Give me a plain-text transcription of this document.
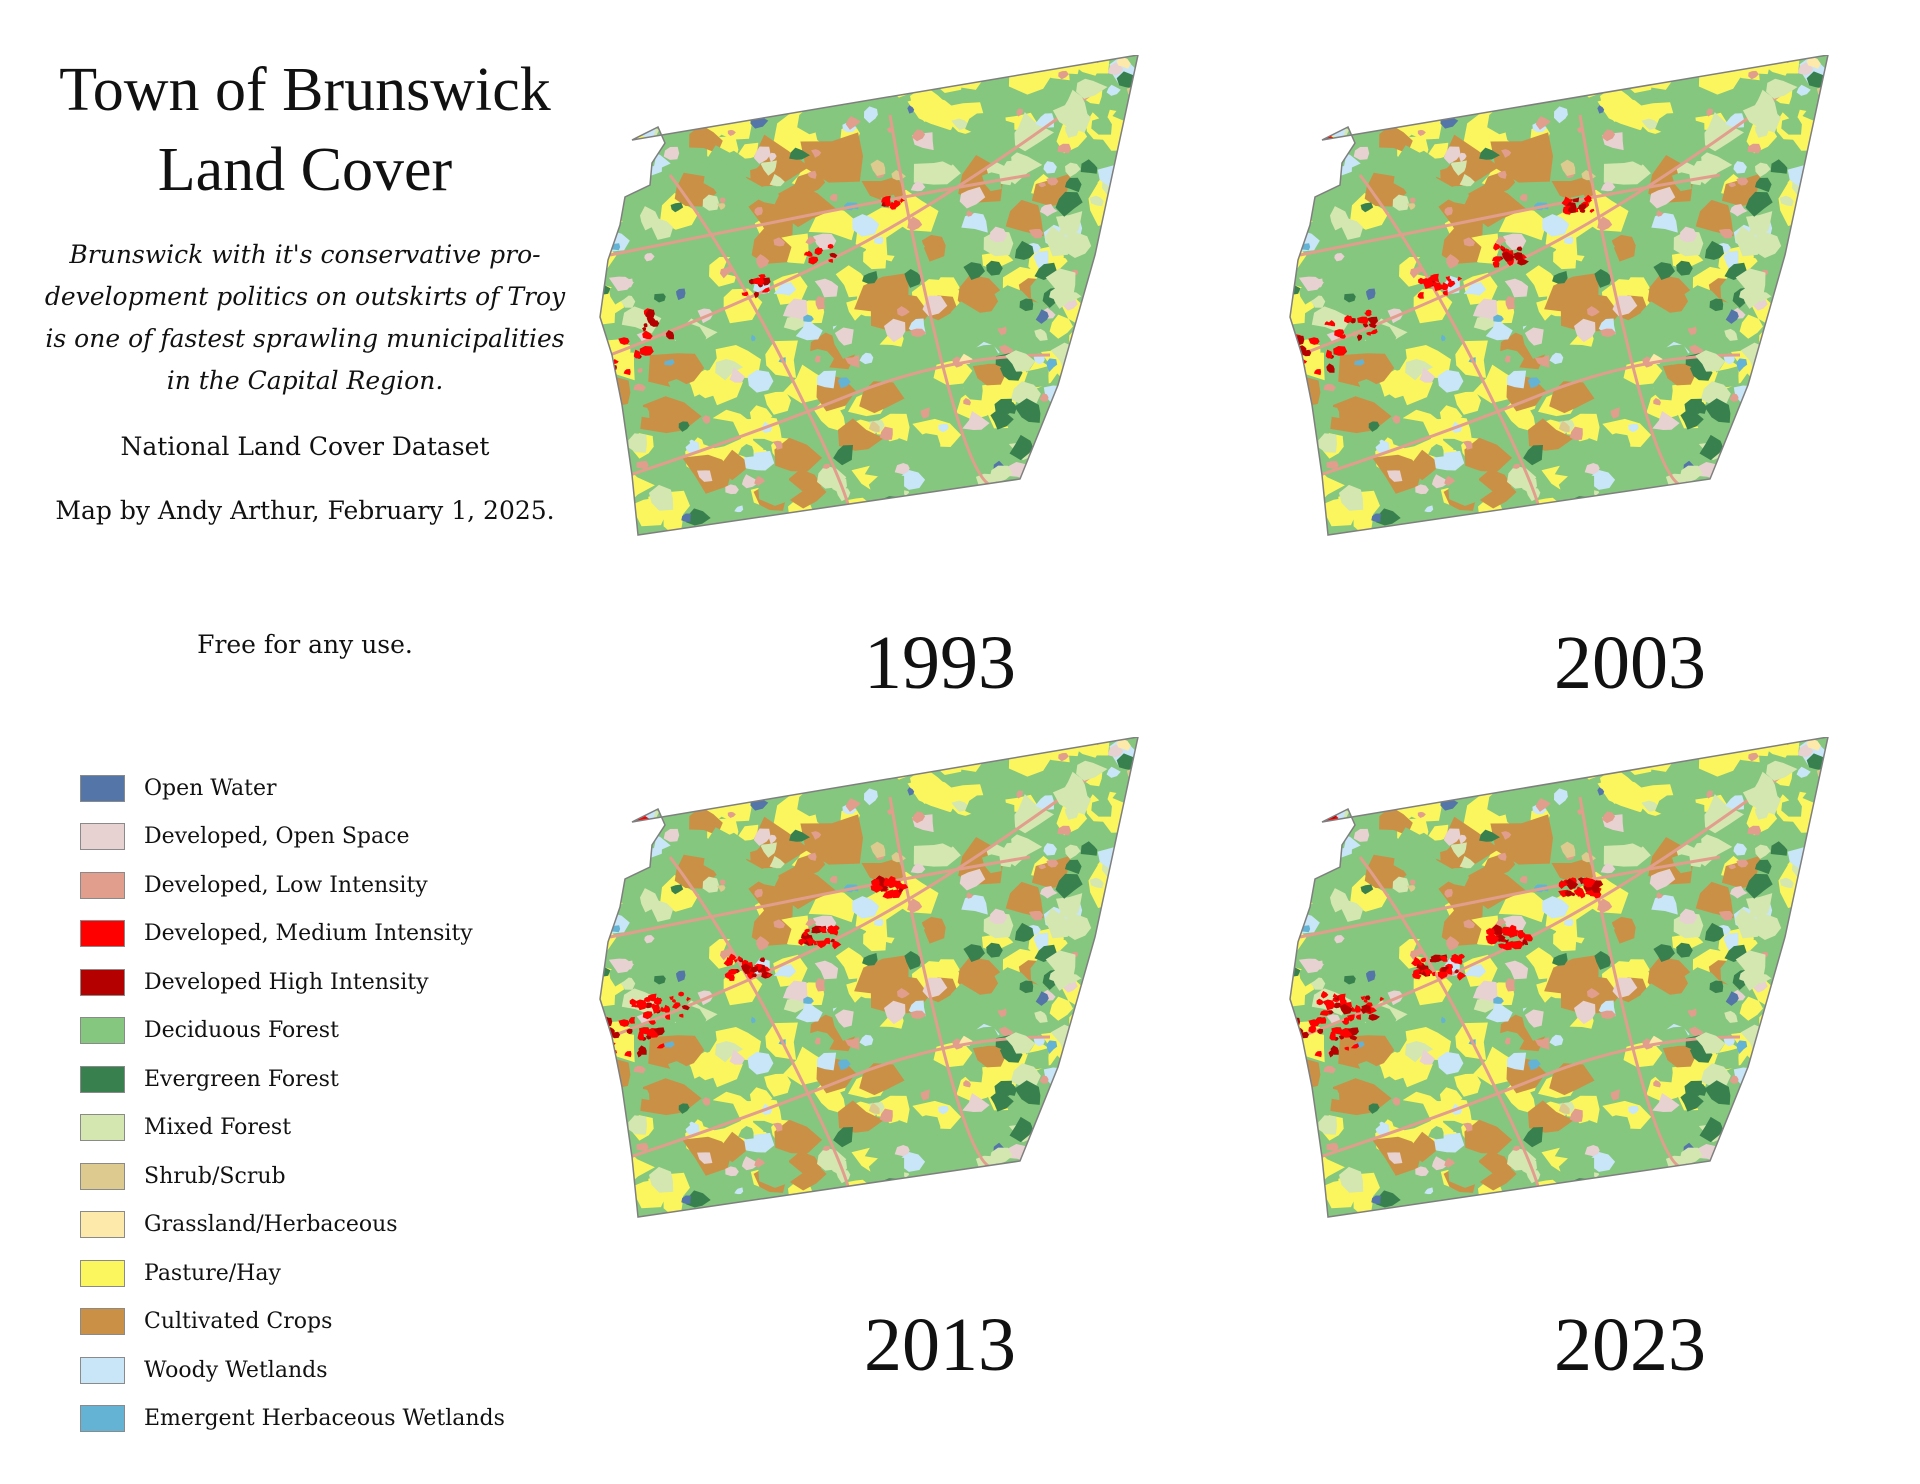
Town of Brunswick
Land Cover

Brunswick with it's conservative pro-development politics on outskirts of Troy is one of fastest sprawling municipalities in the Capital Region.

National Land Cover Dataset

Map by Andy Arthur, February 1, 2025.

Free for any use.

Open Water
Developed, Open Space
Developed, Low Intensity
Developed, Medium Intensity
Developed High Intensity
Deciduous Forest
Evergreen Forest
Mixed Forest
Shrub/Scrub
Grassland/Herbaceous
Pasture/Hay
Cultivated Crops
Woody Wetlands
Emergent Herbaceous Wetlands
1993	2003
2013	2023
